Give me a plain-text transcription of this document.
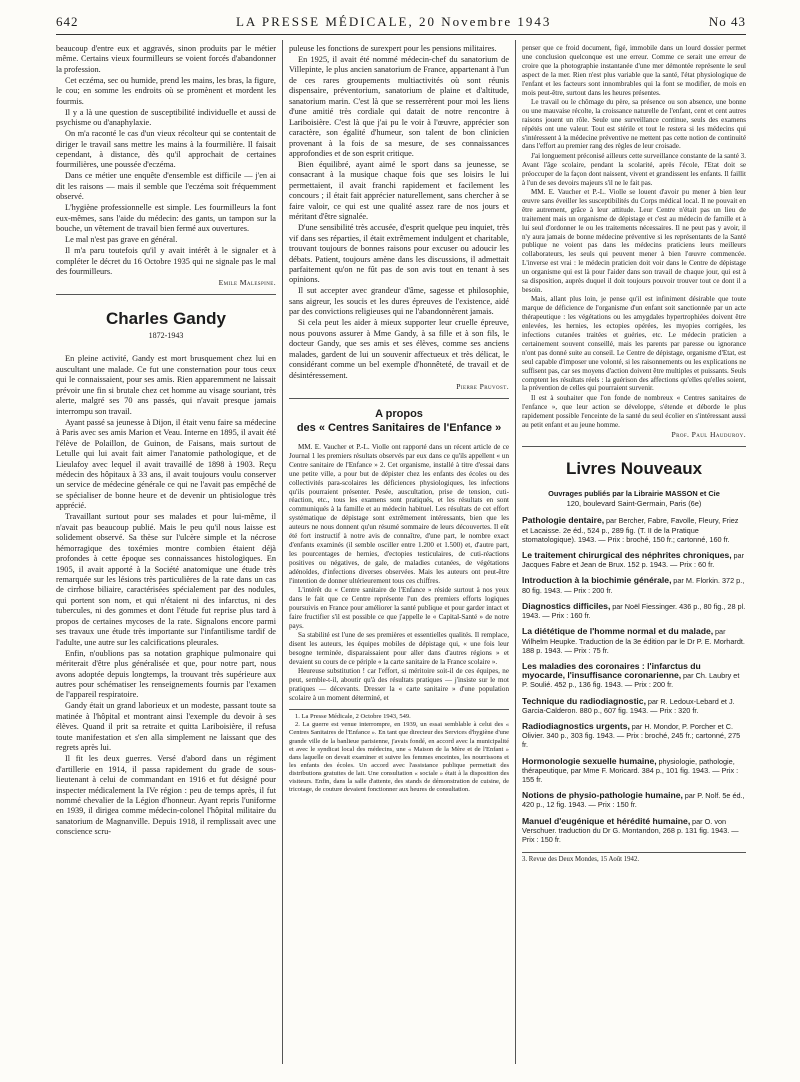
642	LA PRESSE MÉDICALE, 20 Novembre 1943	No 43

beaucoup d'entre eux et aggravés, sinon produits par le métier même. Certains vieux fourmilleurs se voient forcés d'abandonner la profession.

Cet eczéma, sec ou humide, prend les mains, les bras, la figure, le cou; en somme les endroits où se promènent et mordent les fourmis.

Il y a là une question de susceptibilité individuelle et aussi de psychisme ou d'anaphylaxie.

On m'a raconté le cas d'un vieux récolteur qui se contentait de diriger le travail sans mettre les mains à la fourmilière. Il faisait cependant, à distance, dès qu'il approchait de certaines fourmilières, une poussée d'eczéma.

Dans ce métier une enquête d'ensemble est difficile — j'en ai dit les raisons — mais il semble que l'eczéma soit fréquemment observé.

L'hygiène professionnelle est simple. Les fourmilleurs la font eux-mêmes, sans l'aide du médecin: des gants, un tampon sur la bouche, un vêtement de travail bien fermé aux ouvertures.

Le mal n'est pas grave en général.

Il m'a paru toutefois qu'il y avait intérêt à le signaler et à compléter le décret du 16 Octobre 1935 qui ne signale pas le mal des fourmilleurs.

Emile Malespine.
Charles Gandy
1872-1943

En pleine activité, Gandy est mort brusquement chez lui en auscultant une malade. Ce fut une consternation pour tous ceux qui le connaissaient, pour ses amis. Rien apparemment ne laissait prévoir une fin si brutale chez cet homme au visage souriant, très alerte, malgré ses 70 ans passés, qui n'avait presque jamais interrompu son travail.

Ayant passé sa jeunesse à Dijon, il était venu faire sa médecine à Paris avec ses amis Marion et Veau. Interne en 1895, il avait été l'élève de Polaillon, de Guinon, de Faisans, mais surtout de Letulle qui lui avait fait aimer l'anatomie pathologique, et de Lieulafoy avec lequel il avait travaillé de 1898 à 1903. Reçu médecin des hôpitaux à 33 ans, il avait toujours voulu conserver un service de médecine générale ce qui ne l'avait pas empêché de se spécialiser de bonne heure et de devenir un phtisiologue très apprécié.

Travaillant surtout pour ses malades et pour lui-même, il n'avait pas beaucoup publié. Mais le peu qu'il nous laisse est solidement observé. Sa thèse sur l'ulcère simple et la nécrose hémorragique des toxémies montre combien étaient déjà profondes à cette époque ses connaissances histologiques. En 1905, il avait apporté à la Société anatomique une étude très remarquée sur les lésions très particulières de la rate dans un cas de cirrhose biliaire, caractérisées spécialement par des nodules, qui portent son nom, et qui n'étaient ni des infarctus, ni des tubercules, ni des gommes et dont l'étude fut reprise plus tard à propos de certaines mycoses de la rate. Signalons encore parmi ses travaux une étude très importante sur l'infantilisme tardif de l'adulte, une autre sur les calcifications pleurales.

Enfin, n'oublions pas sa notation graphique pulmonaire qui mériterait d'être plus généralisée et que, pour notre part, nous avons adoptée depuis longtemps, la trouvant très supérieure aux autres pour schématiser les renseignements fournis par l'examen de l'appareil respiratoire.

Gandy était un grand laborieux et un modeste, passant toute sa matinée à l'hôpital et montrant ainsi l'exemple du devoir à ses élèves. Quand il prit sa retraite et quitta Lariboisière, il refusa toute manifestation et s'en alla simplement ne laissant que des regrets après lui.

Il fit les deux guerres. Versé d'abord dans un régiment d'artillerie en 1914, il passa rapidement du grade de sous-lieutenant à celui de commandant en 1916 et fut désigné pour inspecter médicalement la IVe région : peu de temps après, il fut nommé chevalier de la Légion d'honneur. Ayant repris l'uniforme en 1939, il dirigea comme médecin-colonel l'hôpital militaire du sanatorium de Magnanville. Depuis 1918, il remplissait avec une conscience scru-

puleuse les fonctions de surexpert pour les pensions militaires.

En 1925, il avait été nommé médecin-chef du sanatorium de Villepinte, le plus ancien sanatorium de France, appartenant à l'un de ces rares groupements multiactivités où sont réunis dispensaire, préventorium, sanatorium de plaine et d'altitude, sanatorium marin. C'est là que se resserrèrent pour moi les liens d'une amitié très cordiale qui datait de notre rencontre à Lariboisière. C'est là que j'ai pu le voir à l'œuvre, apprécier son caractère, son égalité d'humeur, son talent de bon clinicien provenant à la fois de sa mesure, de ses connaissances approfondies et de son esprit critique.

Bien équilibré, ayant aimé le sport dans sa jeunesse, se consacrant à la musique chaque fois que ses loisirs le lui permettaient, il avait franchi rapidement et facilement les concours ; il était fait apprécier naturellement, sans chercher à se faire valoir, ce qui est une qualité assez rare de nos jours et méritant d'être signalée.

D'une sensibilité très accusée, d'esprit quelque peu inquiet, très vif dans ses réparties, il était extrêmement indulgent et charitable, trouvant toujours de bonnes raisons pour excuser ou adoucir les débats. Patient, toujours amène dans les discussions, il admettait parfaitement qu'on ne fût pas de son avis tout en tenant à ses opinions.

Il sut accepter avec grandeur d'âme, sagesse et philosophie, sans aigreur, les soucis et les dures épreuves de l'existence, aidé par des convictions religieuses qui ne l'abandonnèrent jamais.

Si cela peut les aider à mieux supporter leur cruelle épreuve, nous pouvons assurer à Mme Gandy, à sa fille et à son fils, le docteur Gandy, que ses amis et ses élèves, comme ses anciens malades, gardent de lui un souvenir affectueux et très délicat, le considérant comme un bel exemple d'honnêteté, de travail et de désintéressement.

Pierre Pruvost.
A propos
des « Centres Sanitaires de l'Enfance »

MM. E. Vaucher et P.-L. Violle ont rapporté dans un récent article de ce Journal 1 les premiers résultats observés par eux dans ce qu'ils appellent « un Centre sanitaire de l'Enfance » 2. Cet organisme, installé à titre d'essai dans une petite ville, a pour but de dépister chez les enfants des écoles ou des collectivités para-scolaires les déficiences physiologiques, les infections qu'ils pourraient présenter. Pesée, auscultation, prise de tension, cuti-réaction, etc., tous les examens sont pratiqués, et les résultats en sont communiqués à la famille et au médecin habituel. Les résultats de cet effort systématique de dépistage sont extrêmement intéressants, bien que les auteurs ne nous donnent qu'un résumé sommaire de leurs découvertes. Il eût été fort instructif à notre avis de connaître, d'une part, le nombre exact d'enfants examinés (il semble osciller entre 1.200 et 1.500) et, d'autre part, les pourcentages de hernies, d'ectopies testiculaires, de cuti-réactions positives ou négatives, de gale, de maladies cutanées, de végétations adénoïdes, d'infections diverses observées. Mais les auteurs ont peut-être l'intention de donner ultérieurement tous ces chiffres.

L'intérêt du « Centre sanitaire de l'Enfance » réside surtout à nos yeux dans le fait que ce Centre représente l'un des premiers efforts logiques poursuivis en France pour améliorer la santé publique et pour garder intact et faire fructifier s'il est possible ce que j'appelle le « Capital-Santé » de notre pays.

Sa stabilité est l'une de ses premières et essentielles qualités. Il remplace, disent les auteurs, les équipes mobiles de dépistage qui, « une fois leur besogne terminée, disparaissaient pour aller dans d'autres régions » et devaient su cours de ce périple « la carte sanitaire de la France scolaire ».

Heureuse substitution ! car l'effort, si méritoire soit-il de ces équipes, ne peut, semble-t-il, aboutir qu'à des résultats pratiques — j'insiste sur le mot pratiques — décevants. Dresser la « carte sanitaire » d'une population scolaire à un moment déterminé, et

1. La Presse Médicale, 2 Octobre 1943, 549.

2. La guerre est venue interrompre, en 1939, un essai semblable à celui des « Centres Sanitaires de l'Enfance ». En tant que directeur des Services d'hygiène d'une grande ville de la banlieue parisienne, j'avais fondé, en accord avec la municipalité et avec le syndicat local des médecins, une « Maison de la Mère et de l'Enfant » dans laquelle on devait examiner et suivre les femmes enceintes, les nourrissons et les enfants des écoles. Un accord avec l'assistance publique permettait des distributions gratuites de lait. Une consultation « sociale » était à la disposition des visiteurs. Enfin, dans la salle d'attente, des stands de démonstration de cuisine, de tricotage, de couture devaient fonctionner aux heures de consultation.

penser que ce froid document, figé, immobile dans un lourd dossier permet une conclusion quelconque est une erreur. Comme ce serait une erreur de croire que la photographie instantanée d'une mer démontée représente le seul aspect de la mer. Rien n'est plus variable que la santé, l'état physiologique de l'enfant et les facteurs sont innombrables qui la font se modifier, de mois en mois peut-être, surtout dans les heures présentes.

Le travail ou le chômage du père, sa présence ou son absence, une bonne ou une mauvaise récolte, la croissance naturelle de l'enfant, cent et cent autres raisons jouent un rôle. Seule une surveillance continue, seuls des examens répétés ont une valeur. Tout est stérile et tout le restera si les médecins qui s'intéressent à la médecine préventive ne mettent pas cette notion de continuité dans l'effort au premier rang des règles de leur croisade.

J'ai longuement préconisé ailleurs cette surveillance constante de la santé 3. Avant l'âge scolaire, pendant la scolarité, après l'école, l'Etat doit se préoccuper de la façon dont naissent, vivent et grandissent les enfants. Il faillit à l'un de ses devoirs majeurs s'il ne le fait pas.

MM. E. Vaucher et P.-L. Violle se louent d'avoir pu mener à bien leur œuvre sans éveiller les susceptibilités du Corps médical local. Il ne pouvait en être autrement, grâce à leur attitude. Leur Centre n'était pas un lieu de traitement mais un organisme de dépistage et c'est au médecin de famille et à lui seul d'ordonner le ou les traitements nécessaires. Il ne peut pas y avoir, il n'y aura jamais de bonne médecine préventive si les représentants de la Santé publique ne voient pas dans les médecins praticiens leurs meilleurs collaborateurs, les seuls qui peuvent mener à bien l'œuvre commencée. L'inverse est vrai : le médecin praticien doit voir dans le Centre de dépistage un organisme qui est là pour l'aider dans son travail de chaque jour, qui est à sa disposition, auprès duquel il doit toujours pouvoir trouver tout ce dont il a besoin.

Mais, allant plus loin, je pense qu'il est infiniment désirable que toute marque de déficience de l'organisme d'un enfant soit sanctionnée par un acte thérapeutique : les végétations ou les amygdales hypertrophiées doivent être enlevées, les hernies, les ectopies opérées, les myopies corrigées, les infections cutanées traitées et guéries, etc. Le médecin praticien a certainement souvent conseillé, mais les parents par paresse ou ignorance n'ont pas donné suite au conseil. Le Centre de dépistage, organisme d'Etat, est seul capable d'imposer une volonté, si les raisonnements ou les explications ne suffisent pas, car ses moyens d'action doivent être multiples et puissants. Seuls comptent les résultats réels : la guérison des affections qu'elles qu'elles soient, la prévention de celles qui pourraient survenir.

Il est à souhaiter que l'on fonde de nombreux « Centres sanitaires de l'enfance », que leur action se développe, s'étende et déborde le plus rapidement possible l'enceinte de la santé du seul écolier en s'intéressant aussi au petit enfant et au jeune homme.

Prof. Paul Hauduroy.
Livres Nouveaux
Ouvrages publiés par la Librairie MASSON et Cie
120, boulevard Saint-Germain, Paris (6e)
Pathologie dentaire, par Bercher, Fabre, Favolle, Fleury, Friez et Lacaisse. 2e éd., 524 p., 289 fig. (T. II de la Pratique stomatologique). 1943. — Prix : broché, 150 fr.; cartonné, 160 fr.
Le traitement chirurgical des néphrites chroniques, par Jacques Fabre et Jean de Brux. 152 p. 1943. — Prix : 60 fr.
Introduction à la biochimie générale, par M. Florkin. 372 p., 80 fig. 1943. — Prix : 200 fr.
Diagnostics difficiles, par Noël Fiessinger. 436 p., 80 fig., 28 pl. 1943. — Prix : 160 fr.
La diététique de l'homme normal et du malade, par Wilhelm Heupke. Traduction de la 3e édition par le Dr P. E. Morhardt. 188 p. 1943. — Prix : 75 fr.
Les maladies des coronaires : l'infarctus du myocarde, l'insuffisance coronarienne, par Ch. Laubry et P. Soulié. 452 p., 136 fig. 1943. — Prix : 200 fr.
Technique du radiodiagnostic, par R. Ledoux-Lebard et J. Garcia-Calderon. 880 p., 607 fig. 1943. — Prix : 320 fr.
Radiodiagnostics urgents, par H. Mondor, P. Porcher et C. Olivier. 340 p., 303 fig. 1943. — Prix : broché, 245 fr.; cartonné, 275 fr.
Hormonologie sexuelle humaine, physiologie, pathologie, thérapeutique, par Mme F. Moricard. 384 p., 101 fig. 1943. — Prix : 155 fr.
Notions de physio-pathologie humaine, par P. Nolf. 5e éd., 420 p., 12 fig. 1943. — Prix : 150 fr.
Manuel d'eugénique et hérédité humaine, par O. von Verschuer. traduction du Dr G. Montandon, 268 p. 131 fig. 1943. — Prix : 150 fr.
3. Revue des Deux Mondes, 15 Août 1942.
